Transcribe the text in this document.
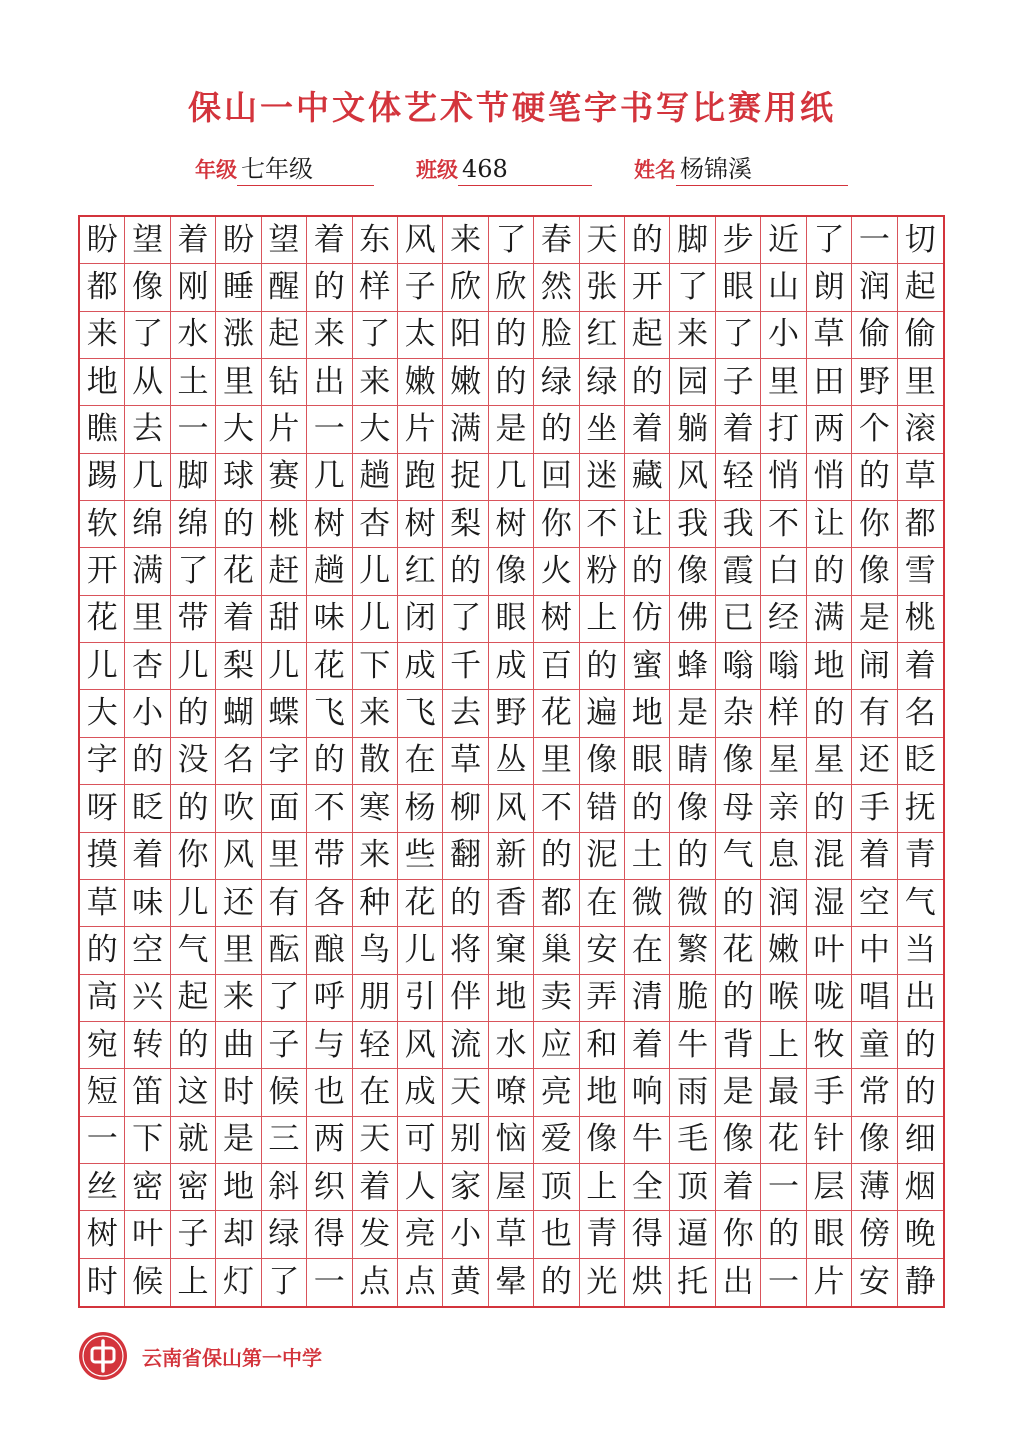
保山一中文体艺术节硬笔字书写比赛用纸
年级 七年级	班级 468	姓名 杨锦溪
盼 望 着 盼 望 着 东 风 来 了 春 天 的 脚 步 近 了 一 切
都 像 刚 睡 醒 的 样 子 欣 欣 然 张 开 了 眼 山 朗 润 起
来 了 水 涨 起 来 了 太 阳 的 脸 红 起 来 了 小 草 偷 偷
地 从 土 里 钻 出 来 嫩 嫩 的 绿 绿 的 园 子 里 田 野 里
瞧 去 一 大 片 一 大 片 满 是 的 坐 着 躺 着 打 两 个 滚
踢 几 脚 球 赛 几 趟 跑 捉 几 回 迷 藏 风 轻 悄 悄 的 草
软 绵 绵 的 桃 树 杏 树 梨 树 你 不 让 我 我 不 让 你 都
开 满 了 花 赶 趟 儿 红 的 像 火 粉 的 像 霞 白 的 像 雪
花 里 带 着 甜 味 儿 闭 了 眼 树 上 仿 佛 已 经 满 是 桃
儿 杏 儿 梨 儿 花 下 成 千 成 百 的 蜜 蜂 嗡 嗡 地 闹 着
大 小 的 蝴 蝶 飞 来 飞 去 野 花 遍 地 是 杂 样 的 有 名
字 的 没 名 字 的 散 在 草 丛 里 像 眼 睛 像 星 星 还 眨
呀 眨 的 吹 面 不 寒 杨 柳 风 不 错 的 像 母 亲 的 手 抚
摸 着 你 风 里 带 来 些 翻 新 的 泥 土 的 气 息 混 着 青
草 味 儿 还 有 各 种 花 的 香 都 在 微 微 的 润 湿 空 气
的 空 气 里 酝 酿 鸟 儿 将 窠 巢 安 在 繁 花 嫩 叶 中 当
高 兴 起 来 了 呼 朋 引 伴 地 卖 弄 清 脆 的 喉 咙 唱 出
宛 转 的 曲 子 与 轻 风 流 水 应 和 着 牛 背 上 牧 童 的
短 笛 这 时 候 也 在 成 天 嘹 亮 地 响 雨 是 最 手 常 的
一 下 就 是 三 两 天 可 别 恼 爱 像 牛 毛 像 花 针 像 细
丝 密 密 地 斜 织 着 人 家 屋 顶 上 全 顶 着 一 层 薄 烟
树 叶 子 却 绿 得 发 亮 小 草 也 青 得 逼 你 的 眼 傍 晚
时 候 上 灯 了 一 点 点 黄 晕 的 光 烘 托 出 一 片 安 静
云南省保山第一中学
